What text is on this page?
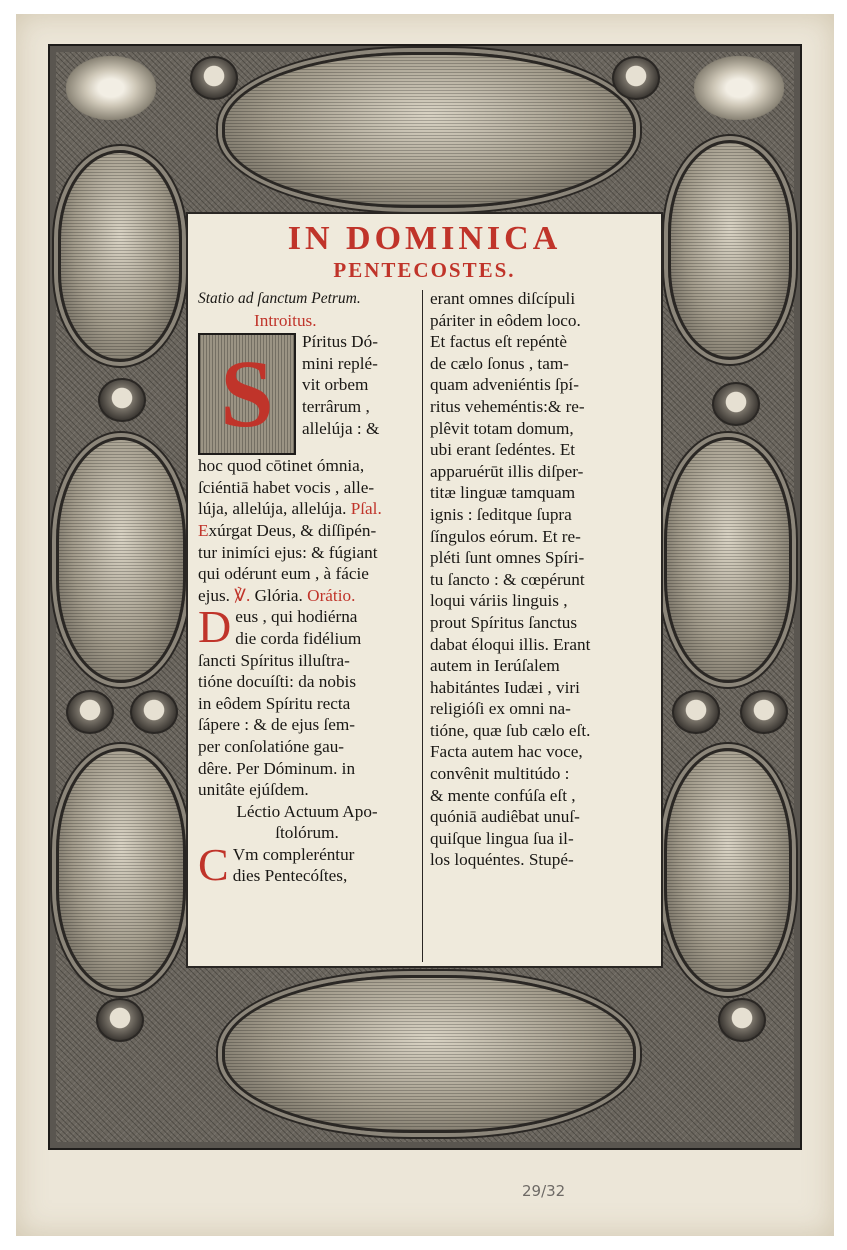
IN DOMINICA
PENTECOSTES.
Statio ad ſanctum Petrum.
Introitus.
S	Píritus Dó-
mini replé-
vit orbem
terrârum ,
allelúja : &
hoc quod cōtinet ómnia,
ſciéntiā habet vocis , alle-
lúja, allelúja, allelúja. Pſal.
Exúrgat Deus, & diſſipén-
tur inimíci ejus: & fúgiant
qui odérunt eum , à fácie
ejus. ℣. Glória. Orátio.
D eus , qui hodiérna
die corda fidélium
ſancti Spíritus illuſtra-
tióne docuíſti: da nobis
in eôdem Spíritu recta
ſápere : & de ejus ſem-
per conſolatióne gau-
dêre. Per Dóminum. in
unitâte ejúſdem.
Léctio Actuum Apo-
ſtolórum.
C Vm compleréntur
dies Pentecóſtes,
erant omnes diſcípuli
páriter in eôdem loco.
Et factus eſt repéntè
de cælo ſonus , tam-
quam adveniéntis ſpí-
ritus veheméntis:& re-
plêvit totam domum,
ubi erant ſedéntes. Et
apparuérūt illis diſper-
titæ linguæ tamquam
ignis : ſeditque ſupra
ſíngulos eórum. Et re-
pléti ſunt omnes Spíri-
tu ſancto : & cœpérunt
loqui váriis linguis ,
prout Spíritus ſanctus
dabat éloqui illis. Erant
autem in Ierúſalem
habitántes Iudæi , viri
religióſi ex omni na-
tióne, quæ ſub cælo eſt.
Facta autem hac voce,
convênit multitúdo :
& mente confúſa eſt ,
quóniā audiêbat unuſ-
quiſque lingua ſua il-
los loquéntes. Stupé-
29/32
